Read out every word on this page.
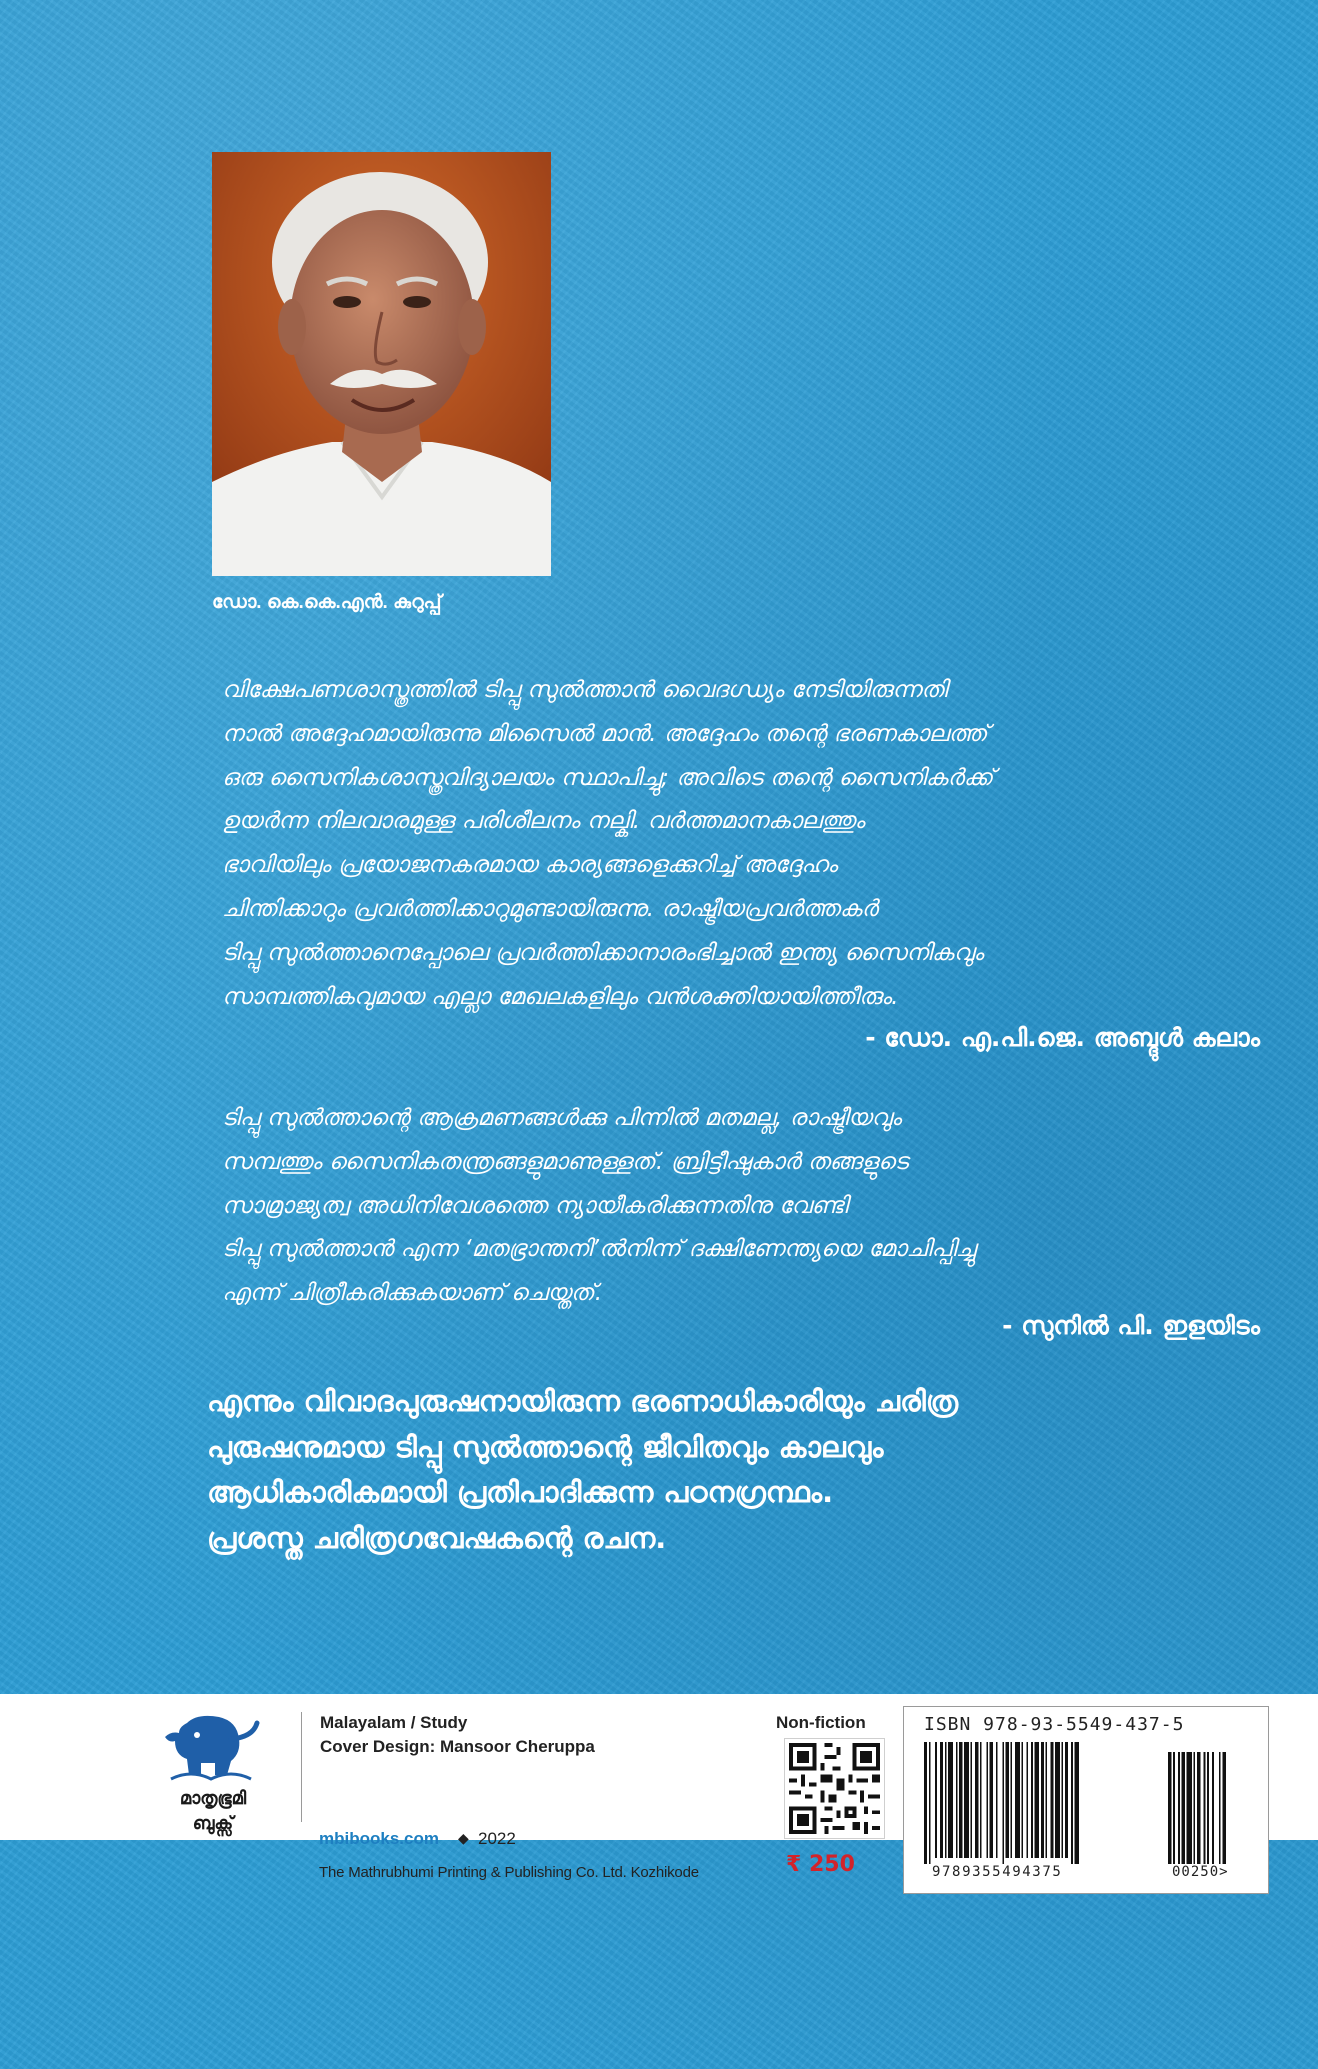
ഡോ. കെ.കെ.എൻ. കുറുപ്പ്
വിക്ഷേപണശാസ്ത്രത്തിൽ ടിപ്പു സുൽത്താൻ വൈദഗ്ധ്യം നേടിയിരുന്നതി
നാൽ അദ്ദേഹമായിരുന്നു മിസൈൽ മാൻ. അദ്ദേഹം തന്റെ ഭരണകാലത്ത്
ഒരു സൈനികശാസ്ത്രവിദ്യാലയം സ്ഥാപിച്ചു; അവിടെ തന്റെ സൈനികർക്ക്
ഉയർന്ന നിലവാരമുള്ള പരിശീലനം നല്കി. വർത്തമാനകാലത്തും
ഭാവിയിലും പ്രയോജനകരമായ കാര്യങ്ങളെക്കുറിച്ച് അദ്ദേഹം
ചിന്തിക്കാറും പ്രവർത്തിക്കാറുമുണ്ടായിരുന്നു. രാഷ്ട്രീയപ്രവർത്തകർ
ടിപ്പു സുൽത്താനെപ്പോലെ പ്രവർത്തിക്കാനാരംഭിച്ചാൽ ഇന്ത്യ സൈനികവും
സാമ്പത്തികവുമായ എല്ലാ മേഖലകളിലും വൻശക്തിയായിത്തീരും.
- ഡോ. എ.പി.ജെ. അബ്ദുൾ കലാം
ടിപ്പു സുൽത്താന്റെ ആക്രമണങ്ങൾക്കു പിന്നിൽ മതമല്ല, രാഷ്ട്രീയവും
സമ്പത്തും സൈനികതന്ത്രങ്ങളുമാണുള്ളത്. ബ്രിട്ടീഷുകാർ തങ്ങളുടെ
സാമ്രാജ്യത്വ അധിനിവേശത്തെ ന്യായീകരിക്കുന്നതിനു വേണ്ടി
ടിപ്പു സുൽത്താൻ എന്ന ‘മതഭ്രാന്തനി’ൽനിന്ന് ദക്ഷിണേന്ത്യയെ മോചിപ്പിച്ചു
എന്ന് ചിത്രീകരിക്കുകയാണ് ചെയ്തത്.
- സുനിൽ പി. ഇളയിടം
എന്നും വിവാദപുരുഷനായിരുന്ന ഭരണാധികാരിയും ചരിത്ര
പുരുഷനുമായ ടിപ്പു സുൽത്താന്റെ ജീവിതവും കാലവും
ആധികാരികമായി പ്രതിപാദിക്കുന്ന പഠനഗ്രന്ഥം.
പ്രശസ്ത ചരിത്രഗവേഷകന്റെ രചന.
മാതൃഭൂമി
ബുക്സ്
Malayalam / Study
Cover Design: Mansoor Cheruppa
mbibooks.com ◆ 2022
The Mathrubhumi Printing & Publishing Co. Ltd. Kozhikode
Non-fiction
₹ 250
ISBN 978-93-5549-437-5
9789355494375	00250>
